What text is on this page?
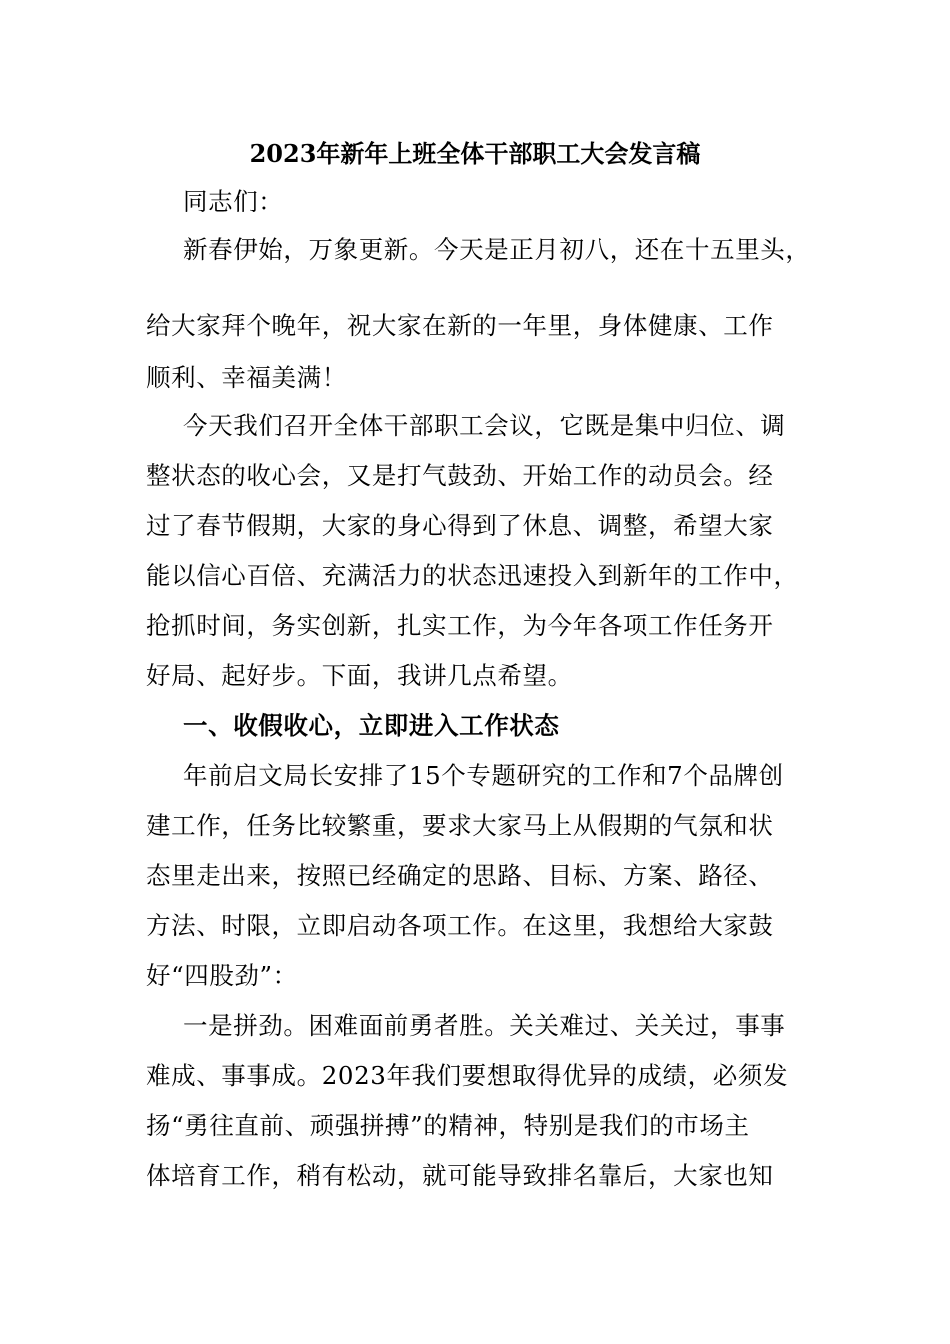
2023年新年上班全体干部职工大会发言稿
同志们：
新春伊始，万象更新。今天是正月初八，还在十五里头，
给大家拜个晚年，祝大家在新的一年里，身体健康、工作
顺利、幸福美满！
今天我们召开全体干部职工会议，它既是集中归位、调
整状态的收心会，又是打气鼓劲、开始工作的动员会。经
过了春节假期，大家的身心得到了休息、调整，希望大家
能以信心百倍、充满活力的状态迅速投入到新年的工作中，
抢抓时间，务实创新，扎实工作，为今年各项工作任务开
好局、起好步。下面，我讲几点希望。
一、收假收心，立即进入工作状态
年前启文局长安排了15个专题研究的工作和7个品牌创
建工作，任务比较繁重，要求大家马上从假期的气氛和状
态里走出来，按照已经确定的思路、目标、方案、路径、
方法、时限，立即启动各项工作。在这里，我想给大家鼓
好“四股劲”：
一是拼劲。困难面前勇者胜。关关难过、关关过，事事
难成、事事成。2023年我们要想取得优异的成绩，必须发
扬“勇往直前、顽强拼搏”的精神，特别是我们的市场主
体培育工作，稍有松动，就可能导致排名靠后，大家也知
